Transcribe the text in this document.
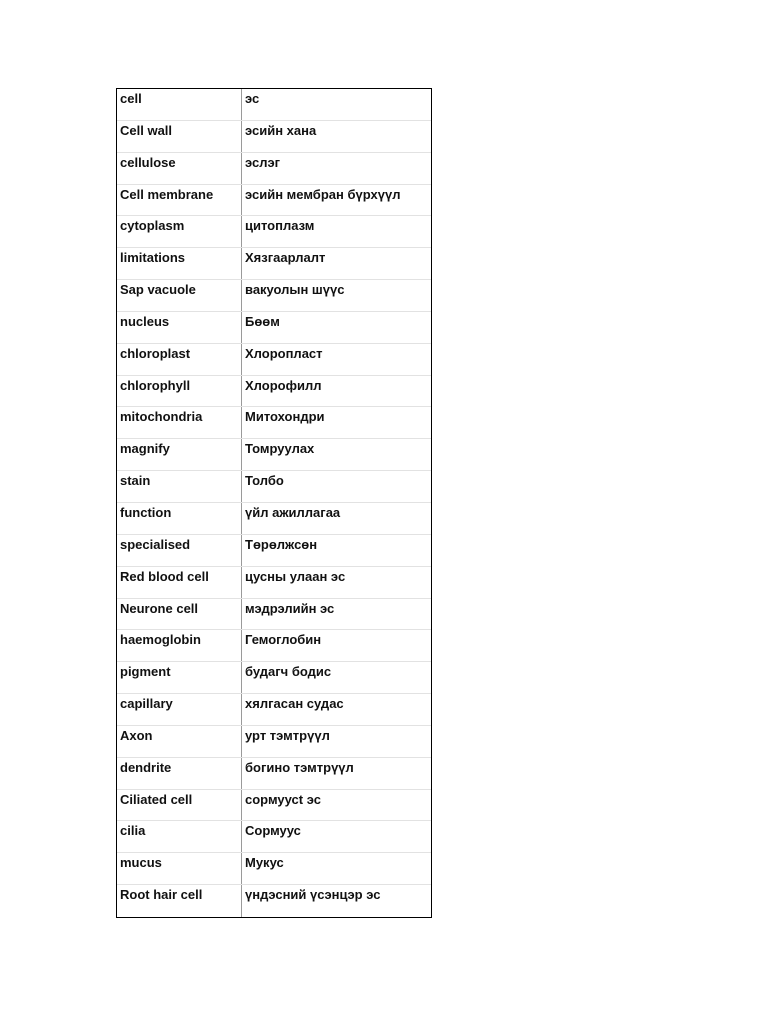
cell	эс
Cell wall	эсийн хана
cellulose	эслэг
Cell membrane	эсийн мембран бүрхүүл
cytoplasm	цитоплазм
limitations	Хязгаарлалт
Sap vacuole	вакуолын шүүс
nucleus	Бөөм
chloroplast	Хлоропласт
chlorophyll	Хлорофилл
mitochondria	Митохондри
magnify	Томруулах
stain	Толбо
function	үйл ажиллагаа
specialised	Төрөлжсөн
Red blood cell	цусны улаан эс
Neurone cell	мэдрэлийн эс
haemoglobin	Гемоглобин
pigment	будагч бодис
capillary	хялгасан судас
Axon	урт тэмтрүүл
dendrite	богино тэмтрүүл
Ciliated cell	сормуусt эс
cilia	Сормуус
mucus	Мукус
Root hair cell	үндэсний үсэнцэр эс
